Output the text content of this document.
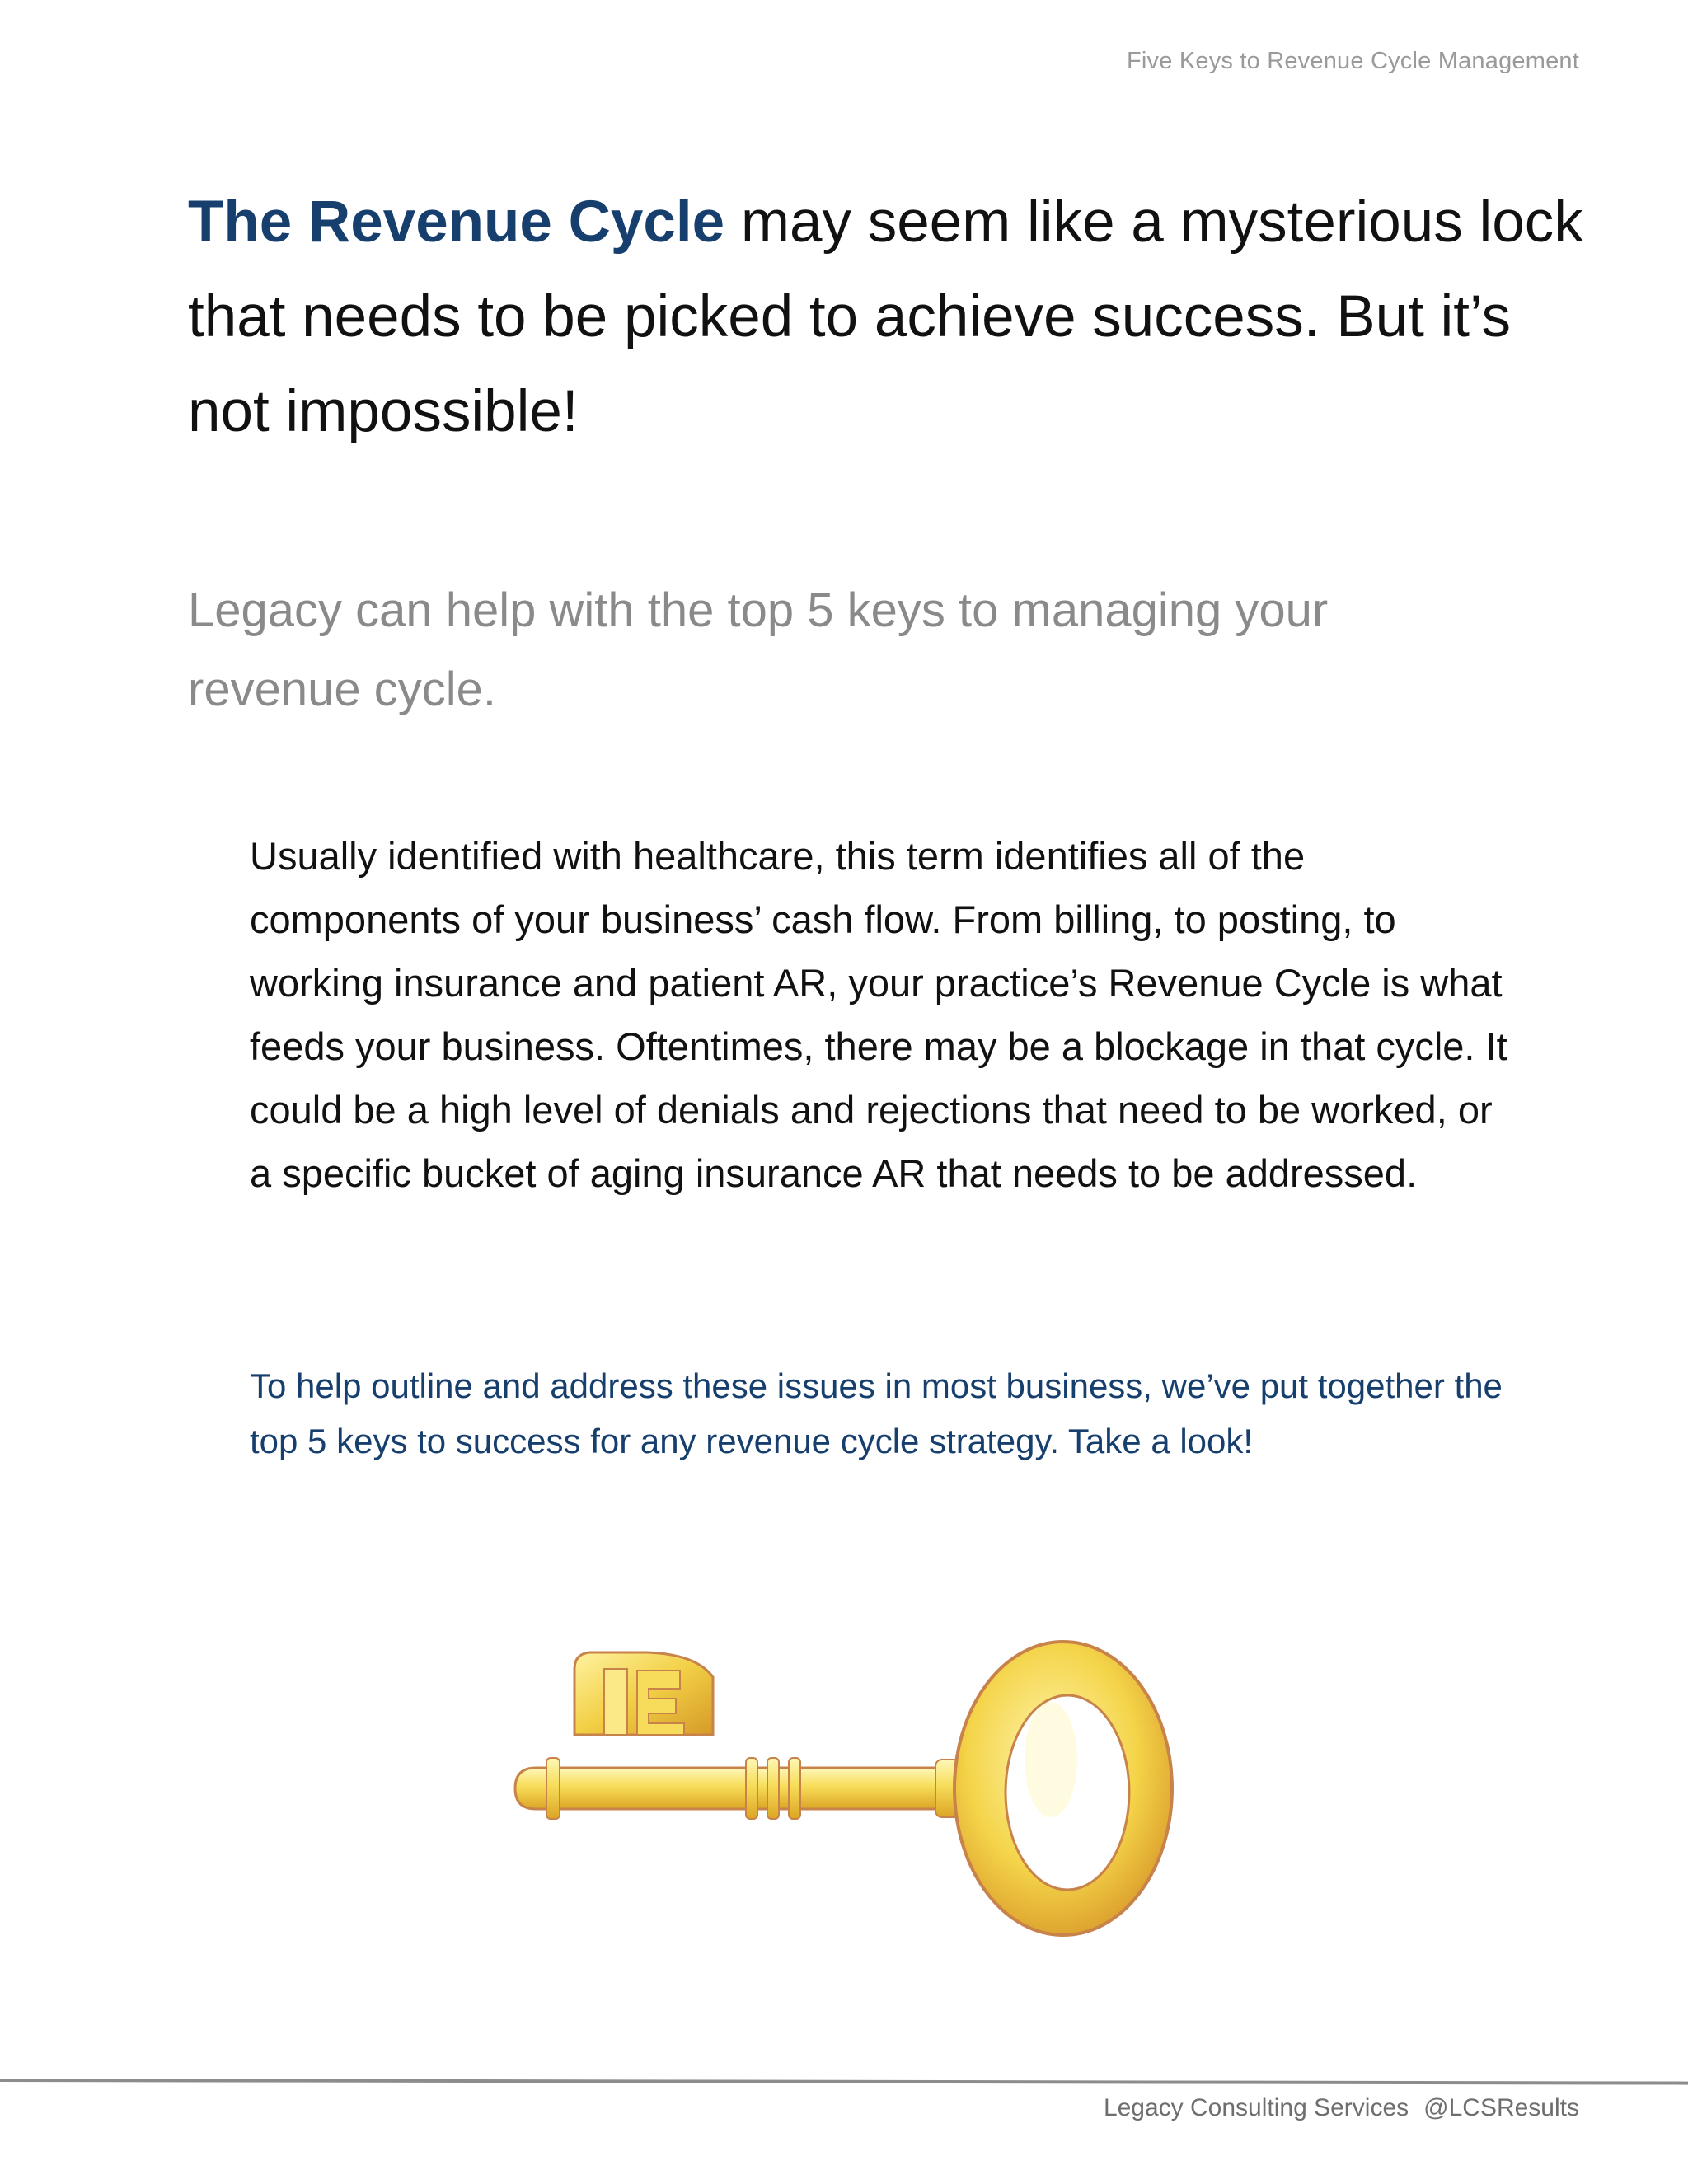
Five Keys to Revenue Cycle Management
The Revenue Cycle may seem like a mysterious lock that needs to be picked to achieve success. But it’s not impossible!

Legacy can help with the top 5 keys to managing your revenue cycle.

Usually identified with healthcare, this term identifies all of the components of your business’ cash flow. From billing, to posting, to working insurance and patient AR, your practice’s Revenue Cycle is what feeds your business. Oftentimes, there may be a blockage in that cycle. It could be a high level of denials and rejections that need to be worked, or a specific bucket of aging insurance AR that needs to be addressed.

To help outline and address these issues in most business, we’ve put together the top 5 keys to success for any revenue cycle strategy. Take a look!

Legacy Consulting Services @LCSResults
